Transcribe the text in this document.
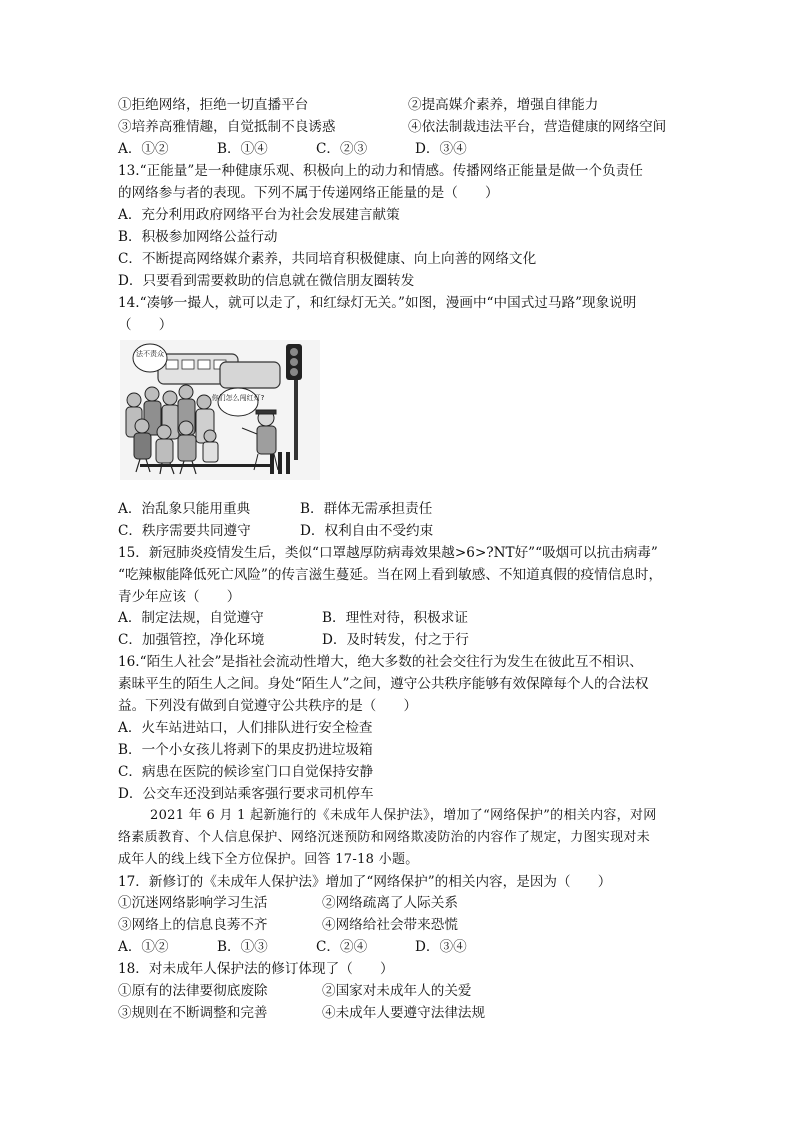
①拒绝网络，拒绝一切直播平台	②提高媒介素养，增强自律能力
③培养高雅情趣，自觉抵制不良诱惑	④依法制裁违法平台，营造健康的网络空间
A．①②	B．①④	C．②③	D．③④
13.“正能量”是一种健康乐观、积极向上的动力和情感。传播网络正能量是做一个负责任
的网络参与者的表现。下列不属于传递网络正能量的是（　　）
A．充分利用政府网络平台为社会发展建言献策
B．积极参加网络公益行动
C．不断提高网络媒介素养，共同培育积极健康、向上向善的网络文化
D．只要看到需要救助的信息就在微信朋友圈转发
14.“凑够一撮人，就可以走了，和红绿灯无关。”如图，漫画中“中国式过马路”现象说明
（　　）
法不责众
你们怎么闯红灯?
A．治乱象只能用重典	B．群体无需承担责任
C．秩序需要共同遵守	D．权利自由不受约束
15．新冠肺炎疫情发生后，类似“口罩越厚防病毒效果越>6>?NT好”“吸烟可以抗击病毒”
“吃辣椒能降低死亡风险”的传言滋生蔓延。当在网上看到敏感、不知道真假的疫情信息时，
青少年应该（　　）
A．制定法规，自觉遵守	B．理性对待，积极求证
C．加强管控，净化环境	D．及时转发，付之于行
16.“陌生人社会”是指社会流动性增大，绝大多数的社会交往行为发生在彼此互不相识、
素昧平生的陌生人之间。身处“陌生人”之间，遵守公共秩序能够有效保障每个人的合法权
益。下列没有做到自觉遵守公共秩序的是（　　）
A．火车站进站口，人们排队进行安全检查
B．一个小女孩儿将剥下的果皮扔进垃圾箱
C．病患在医院的候诊室门口自觉保持安静
D．公交车还没到站乘客强行要求司机停车
2021 年 6 月 1 起新施行的《未成年人保护法》，增加了“网络保护”的相关内容，对网
络素质教育、个人信息保护、网络沉迷预防和网络欺凌防治的内容作了规定，力图实现对未
成年人的线上线下全方位保护。回答 17-18 小题。
17．新修订的《未成年人保护法》增加了“网络保护”的相关内容，是因为（　　）
①沉迷网络影响学习生活	②网络疏离了人际关系
③网络上的信息良莠不齐	④网络给社会带来恐慌
A．①②	B．①③	C．②④	D．③④
18．对未成年人保护法的修订体现了（　　）
①原有的法律要彻底废除	②国家对未成年人的关爱
③规则在不断调整和完善	④未成年人要遵守法律法规
